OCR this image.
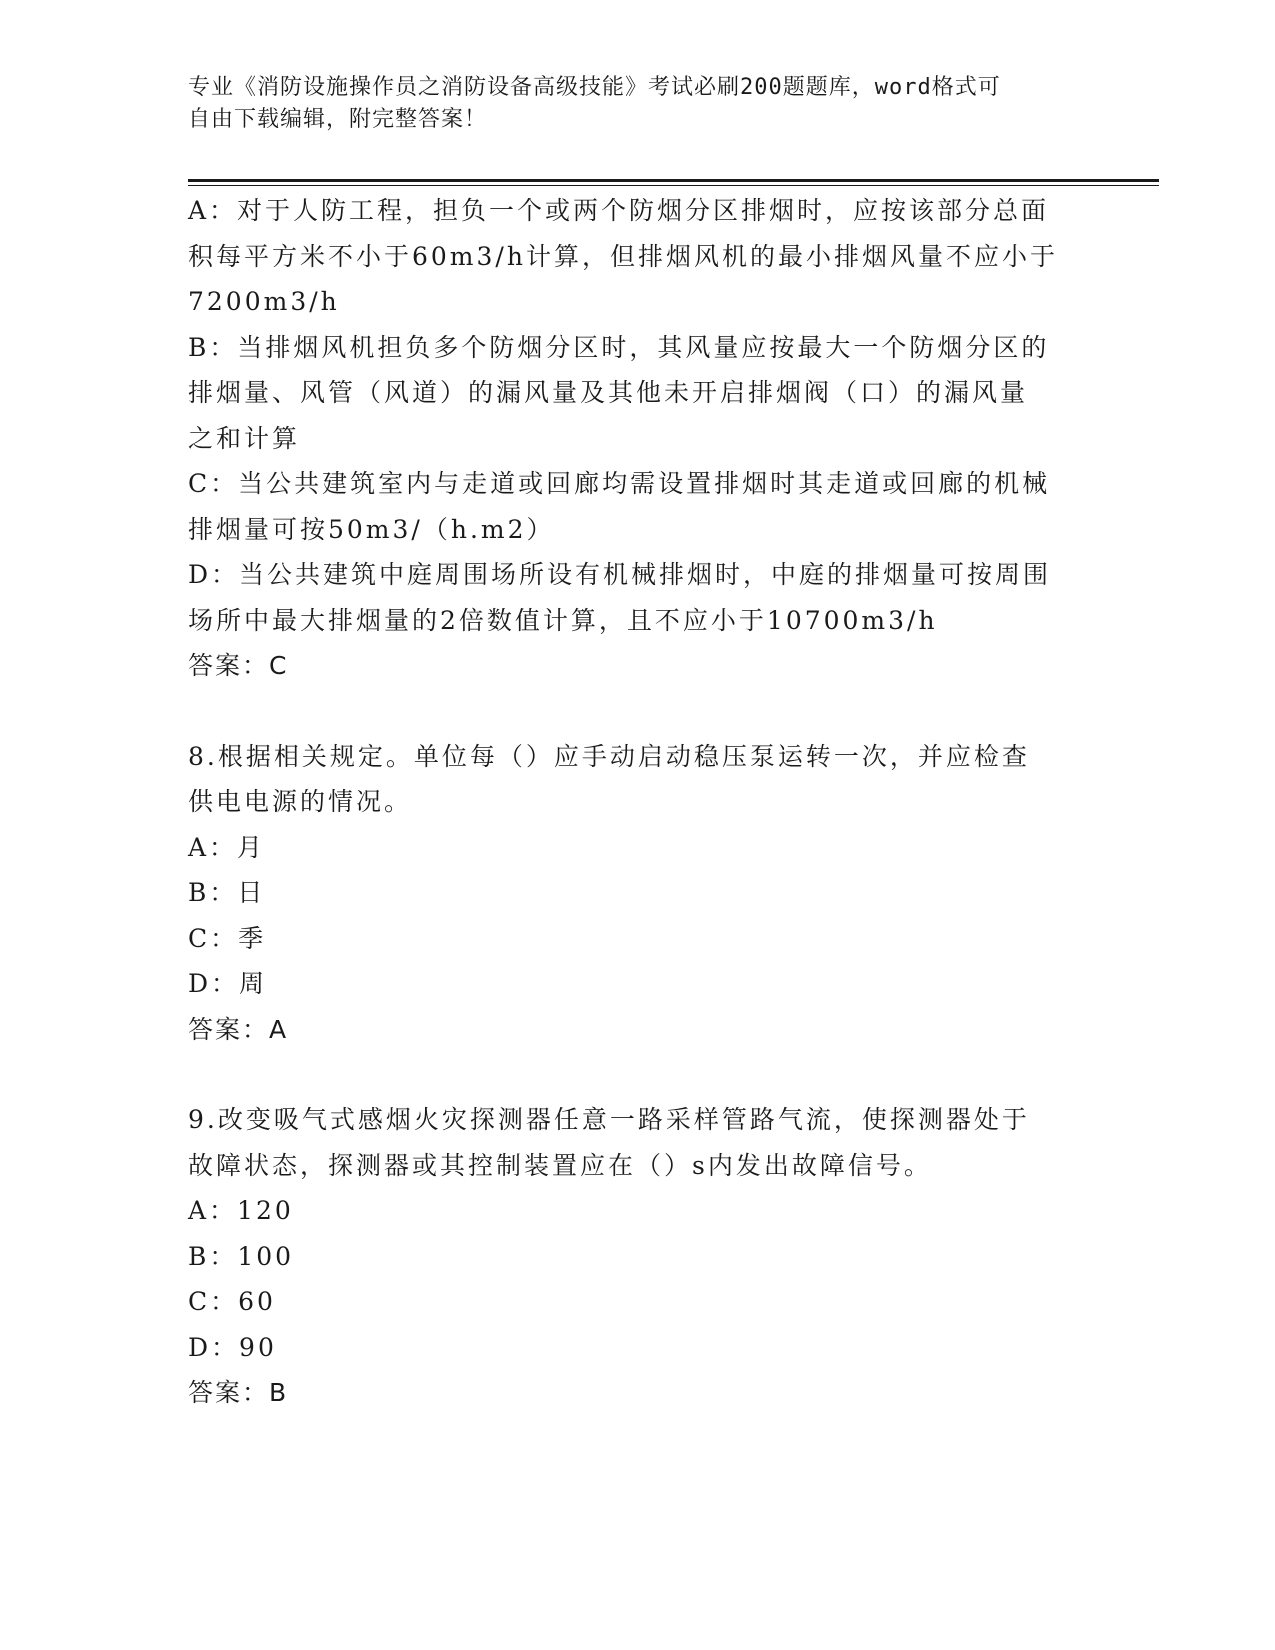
专业《消防设施操作员之消防设备高级技能》考试必刷200题题库，word格式可
自由下载编辑，附完整答案！
A：对于人防工程，担负一个或两个防烟分区排烟时，应按该部分总面
积每平方米不小于60m3/h计算，但排烟风机的最小排烟风量不应小于
7200m3/h
B：当排烟风机担负多个防烟分区时，其风量应按最大一个防烟分区的
排烟量、风管（风道）的漏风量及其他未开启排烟阀（口）的漏风量
之和计算
C：当公共建筑室内与走道或回廊均需设置排烟时其走道或回廊的机械
排烟量可按50m3/（h.m2）
D：当公共建筑中庭周围场所设有机械排烟时，中庭的排烟量可按周围
场所中最大排烟量的2倍数值计算，且不应小于10700m3/h
答案：C
8.根据相关规定。单位每（）应手动启动稳压泵运转一次，并应检查
供电电源的情况。
A：月
B：日
C：季
D：周
答案：A
9.改变吸气式感烟火灾探测器任意一路采样管路气流，使探测器处于
故障状态，探测器或其控制装置应在（）s内发出故障信号。
A：120
B：100
C：60
D：90
答案：B
